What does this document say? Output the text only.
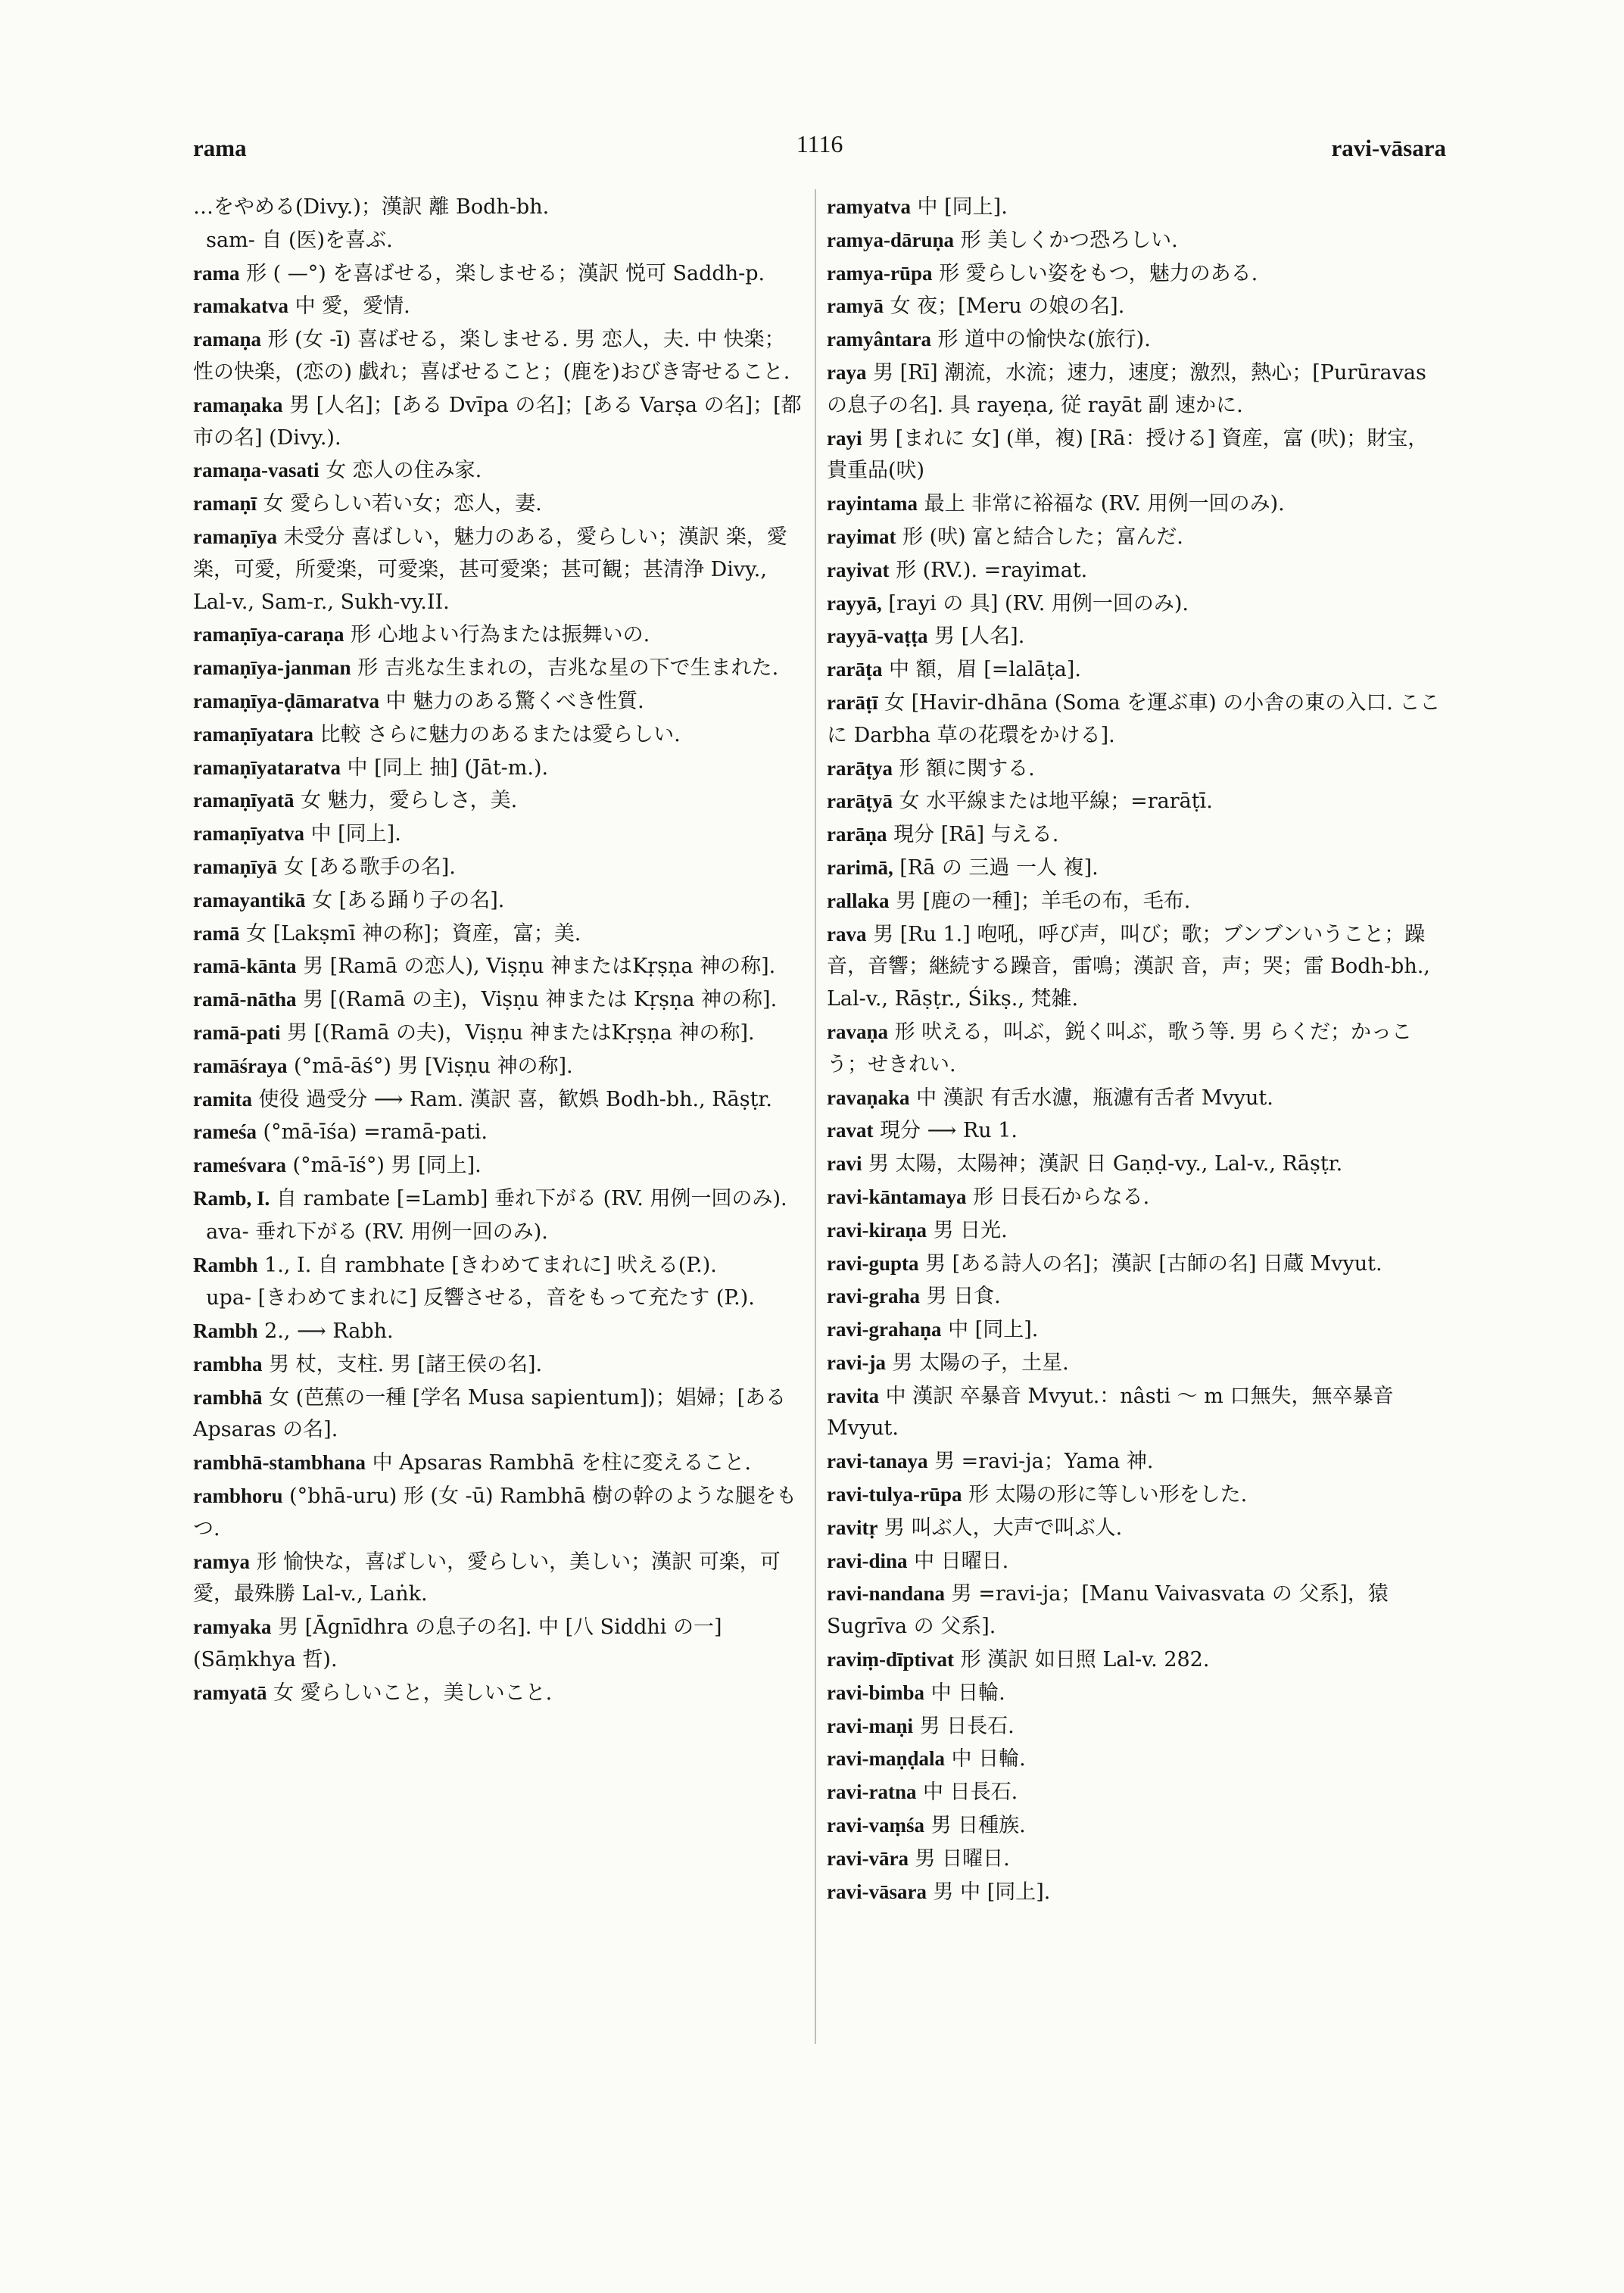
rama	1116	ravi-vāsara
…をやめる(Divy.)；漢訳 離 Bodh-bh.
sam- 自 (医)を喜ぶ.
rama 形 ( —°) を喜ばせる，楽しませる；漢訳 悦可 Saddh-p.
ramakatva 中 愛，愛情.
ramaṇa 形 (女 -ī) 喜ばせる，楽しませる. 男 恋人，夫. 中 快楽；性の快楽，(恋の) 戯れ；喜ばせること；(鹿を)おびき寄せること.
ramaṇaka 男 [人名]；[ある Dvīpa の名]；[ある Varṣa の名]；[都市の名] (Divy.).
ramaṇa-vasati 女 恋人の住み家.
ramaṇī 女 愛らしい若い女；恋人，妻.
ramaṇīya 未受分 喜ばしい，魅力のある，愛らしい；漢訳 楽，愛楽，可愛，所愛楽，可愛楽，甚可愛楽；甚可観；甚清浄 Divy., Lal-v., Sam-r., Sukh-vy.II.
ramaṇīya-caraṇa 形 心地よい行為または振舞いの.
ramaṇīya-janman 形 吉兆な生まれの，吉兆な星の下で生まれた.
ramaṇīya-ḍāmaratva 中 魅力のある驚くべき性質.
ramaṇīyatara 比較 さらに魅力のあるまたは愛らしい.
ramaṇīyataratva 中 [同上 抽] (Jāt-m.).
ramaṇīyatā 女 魅力，愛らしさ，美.
ramaṇīyatva 中 [同上].
ramaṇīyā 女 [ある歌手の名].
ramayantikā 女 [ある踊り子の名].
ramā 女 [Lakṣmī 神の称]；資産，富；美.
ramā-kānta 男 [Ramā の恋人), Viṣṇu 神またはKṛṣṇa 神の称].
ramā-nātha 男 [(Ramā の主)，Viṣṇu 神または Kṛṣṇa 神の称].
ramā-pati 男 [(Ramā の夫)，Viṣṇu 神またはKṛṣṇa 神の称].
ramāśraya (°mā-āś°) 男 [Viṣṇu 神の称].
ramita 使役 過受分 ⟶ Ram. 漢訳 喜，歓娯 Bodh-bh., Rāṣṭr.
rameśa (°mā-īśa) =ramā-pati.
rameśvara (°mā-īś°) 男 [同上].
Ramb, I. 自 rambate [=Lamb] 垂れ下がる (RV. 用例一回のみ).
ava- 垂れ下がる (RV. 用例一回のみ).
Rambh 1., I. 自 rambhate [きわめてまれに] 吠える(P.).
upa- [きわめてまれに] 反響させる，音をもって充たす (P.).
Rambh 2., ⟶ Rabh.
rambha 男 杖，支柱. 男 [諸王侯の名].
rambhā 女 (芭蕉の一種 [学名 Musa sapientum])；娼婦；[ある Apsaras の名].
rambhā-stambhana 中 Apsaras Rambhā を柱に変えること.
rambhoru (°bhā-uru) 形 (女 -ū) Rambhā 樹の幹のような腿をもつ.
ramya 形 愉快な，喜ばしい，愛らしい，美しい；漢訳 可楽，可愛，最殊勝 Lal-v., Laṅk.
ramyaka 男 [Āgnīdhra の息子の名]. 中 [八 Siddhi の一] (Sāṃkhya 哲).
ramyatā 女 愛らしいこと，美しいこと.
ramyatva 中 [同上].
ramya-dāruṇa 形 美しくかつ恐ろしい.
ramya-rūpa 形 愛らしい姿をもつ，魅力のある.
ramyā 女 夜；[Meru の娘の名].
ramyântara 形 道中の愉快な(旅行).
raya 男 [Rī] 潮流，水流；速力，速度；激烈，熱心；[Purūravas の息子の名]. 具 rayeṇa, 従 rayāt 副 速かに.
rayi 男 [まれに 女] (単，複) [Rā：授ける] 資産，富 (吠)；財宝，貴重品(吠)
rayintama 最上 非常に裕福な (RV. 用例一回のみ).
rayimat 形 (吠) 富と結合した；富んだ.
rayivat 形 (RV.). =rayimat.
rayyā, [rayi の 具] (RV. 用例一回のみ).
rayyā-vaṭṭa 男 [人名].
rarāṭa 中 額，眉 [=lalāṭa].
rarāṭī 女 [Havir-dhāna (Soma を運ぶ車) の小舎の東の入口. ここに Darbha 草の花環をかける].
rarāṭya 形 額に関する.
rarāṭyā 女 水平線または地平線；=rarāṭī.
rarāṇa 現分 [Rā] 与える.
rarimā, [Rā の 三過 一人 複].
rallaka 男 [鹿の一種]；羊毛の布，毛布.
rava 男 [Ru 1.] 咆吼，呼び声，叫び；歌；ブンブンいうこと；躁音，音響；継続する躁音，雷鳴；漢訳 音，声；哭；雷 Bodh-bh., Lal-v., Rāṣṭr., Śikṣ., 梵雑.
ravaṇa 形 吠える，叫ぶ，鋭く叫ぶ，歌う等. 男 らくだ；かっこう；せきれい.
ravaṇaka 中 漢訳 有舌水濾，瓶濾有舌者 Mvyut.
ravat 現分 ⟶ Ru 1.
ravi 男 太陽，太陽神；漢訳 日 Gaṇḍ-vy., Lal-v., Rāṣṭr.
ravi-kāntamaya 形 日長石からなる.
ravi-kiraṇa 男 日光.
ravi-gupta 男 [ある詩人の名]；漢訳 [古師の名] 日蔵 Mvyut.
ravi-graha 男 日食.
ravi-grahaṇa 中 [同上].
ravi-ja 男 太陽の子，土星.
ravita 中 漢訳 卒暴音 Mvyut.：nâsti ～ m 口無失，無卒暴音 Mvyut.
ravi-tanaya 男 =ravi-ja；Yama 神.
ravi-tulya-rūpa 形 太陽の形に等しい形をした.
ravitṛ 男 叫ぶ人，大声で叫ぶ人.
ravi-dina 中 日曜日.
ravi-nandana 男 =ravi-ja；[Manu Vaivasvata の 父系]，猿 Sugrīva の 父系].
raviṃ-dīptivat 形 漢訳 如日照 Lal-v. 282.
ravi-bimba 中 日輪.
ravi-maṇi 男 日長石.
ravi-maṇḍala 中 日輪.
ravi-ratna 中 日長石.
ravi-vaṃśa 男 日種族.
ravi-vāra 男 日曜日.
ravi-vāsara 男 中 [同上].
